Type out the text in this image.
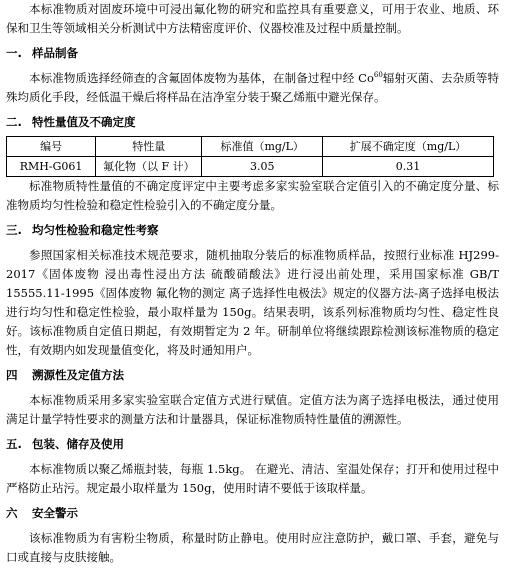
本标准物质对固废环境中可浸出氟化物的研究和监控具有重要意义，可用于农业、地质、环保和卫生等领域相关分析测试中方法精密度评价、仪器校准及过程中质量控制。

一. 样品制备

本标准物质选择经筛查的含氟固体废物为基体，在制备过程中经 Co$^{60}$辐射灭菌、去杂质等特殊均质化手段，经低温干燥后将样品在洁净室分装于聚乙烯瓶中避光保存。

二. 特性量值及不确定度
编号	特性量	标准值（mg/L）	扩展不确定度（mg/L）
RMH-G061	氟化物（以 F 计）	3.05	0.31

标准物质特性量值的不确定度评定中主要考虑多家实验室联合定值引入的不确定度分量、标准物质均匀性检验和稳定性检验引入的不确定度分量。

三. 均匀性检验和稳定性考察

参照国家相关标准技术规范要求，随机抽取分装后的标准物质样品，按照行业标准 HJ299-2017《固体废物 浸出毒性浸出方法 硫酸硝酸法》进行浸出前处理，采用国家标准 GB/T 15555.11-1995《固体废物 氟化物的测定 离子选择性电极法》规定的仪器方法-离子选择电极法进行均匀性和稳定性检验，最小取样量为 150g。结果表明，该系列标准物质均匀性、稳定性良好。该标准物质自定值日期起，有效期暂定为 2 年。研制单位将继续跟踪检测该标准物质的稳定性，有效期内如发现量值变化，将及时通知用户。

四	溯源性及定值方法

本标准物质采用多家实验室联合定值方式进行赋值。定值方法为离子选择电极法，通过使用满足计量学特性要求的测量方法和计量器具，保证标准物质特性量值的溯源性。

五. 包装、储存及使用

本标准物质以聚乙烯瓶封装，每瓶 1.5kg。 在避光、清洁、室温处保存；打开和使用过程中严格防止玷污。规定最小取样量为 150g，使用时请不要低于该取样量。

六	安全警示

该标准物质为有害粉尘物质，称量时防止静电。使用时应注意防护，戴口罩、手套，避免与口或直接与皮肤接触。
